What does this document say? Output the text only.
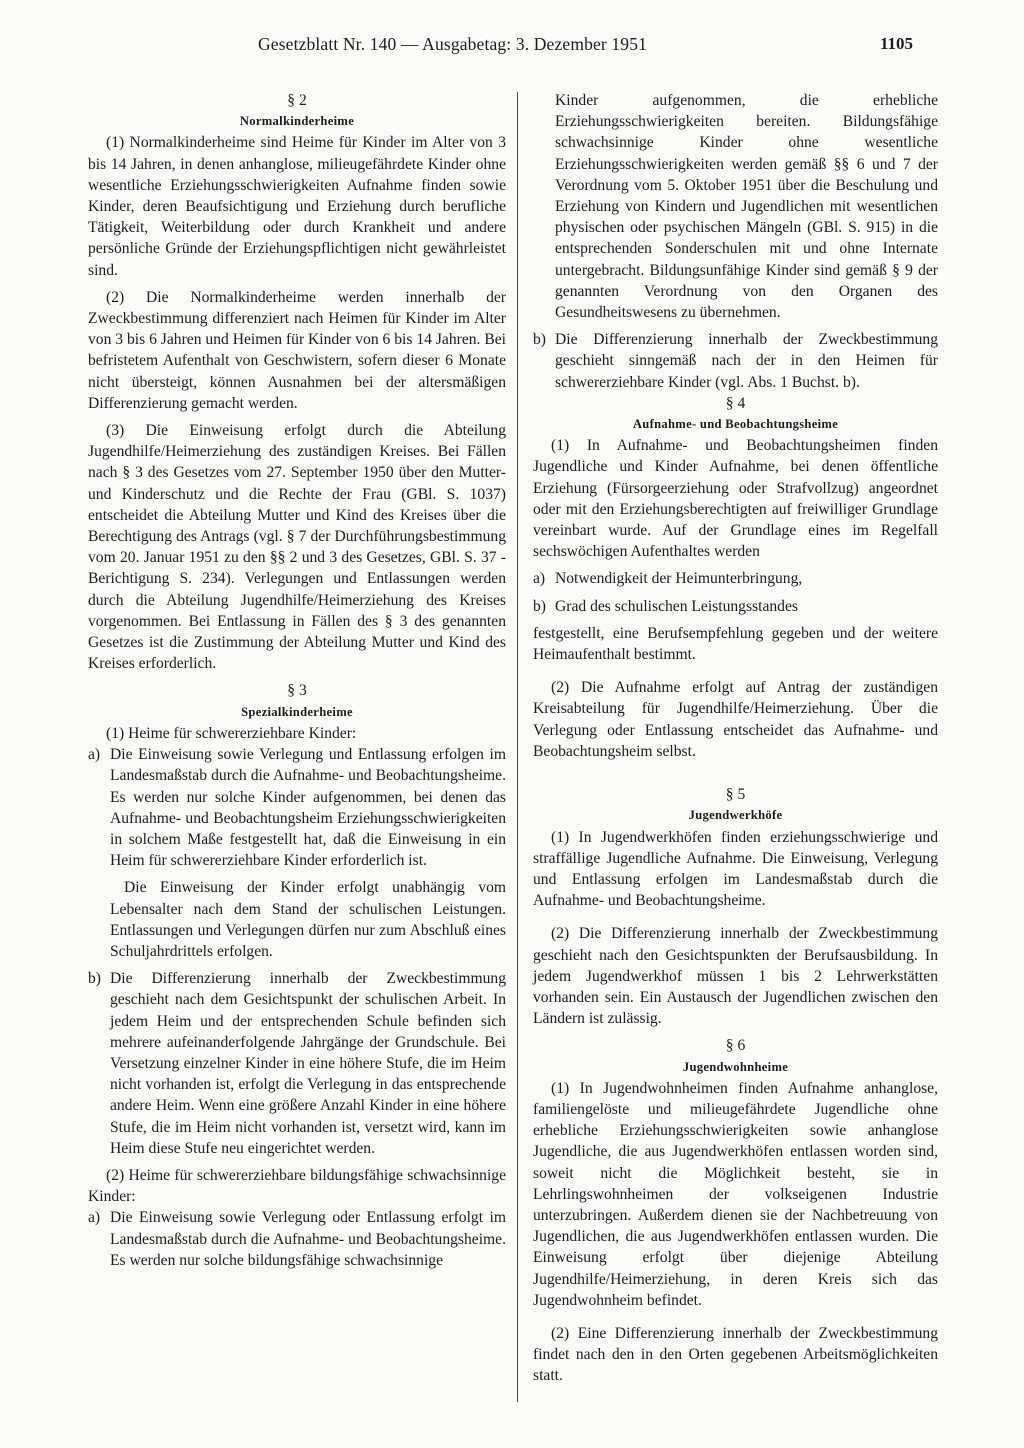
Gesetzblatt Nr. 140 — Ausgabetag: 3. Dezember 1951	1105
§ 2
Normalkinderheime
(1) Normalkinderheime sind Heime für Kinder im Alter von 3 bis 14 Jahren, in denen anhanglose, milieugefährdete Kinder ohne wesentliche Erziehungsschwierigkeiten Aufnahme finden sowie Kinder, deren Beaufsichtigung und Erziehung durch berufliche Tätigkeit, Weiterbildung oder durch Krankheit und andere persönliche Gründe der Erziehungspflichtigen nicht gewährleistet sind.
(2) Die Normalkinderheime werden innerhalb der Zweckbestimmung differenziert nach Heimen für Kinder im Alter von 3 bis 6 Jahren und Heimen für Kinder von 6 bis 14 Jahren. Bei befristetem Aufenthalt von Geschwistern, sofern dieser 6 Monate nicht übersteigt, können Ausnahmen bei der altersmäßigen Differenzierung gemacht werden.
(3) Die Einweisung erfolgt durch die Abteilung Jugendhilfe/Heimerziehung des zuständigen Kreises. Bei Fällen nach § 3 des Gesetzes vom 27. September 1950 über den Mutter- und Kinderschutz und die Rechte der Frau (GBl. S. 1037) entscheidet die Abteilung Mutter und Kind des Kreises über die Berechtigung des Antrags (vgl. § 7 der Durchführungsbestimmung vom 20. Januar 1951 zu den §§ 2 und 3 des Gesetzes, GBl. S. 37 - Berichtigung S. 234). Verlegungen und Entlassungen werden durch die Abteilung Jugendhilfe/Heimerziehung des Kreises vorgenommen. Bei Entlassung in Fällen des § 3 des genannten Gesetzes ist die Zustimmung der Abteilung Mutter und Kind des Kreises erforderlich.
§ 3
Spezialkinderheime
(1) Heime für schwererziehbare Kinder:
a) Die Einweisung sowie Verlegung und Entlassung erfolgen im Landesmaßstab durch die Aufnahme- und Beobachtungsheime. Es werden nur solche Kinder aufgenommen, bei denen das Aufnahme- und Beobachtungsheim Erziehungsschwierigkeiten in solchem Maße festgestellt hat, daß die Einweisung in ein Heim für schwererziehbare Kinder erforderlich ist.
Die Einweisung der Kinder erfolgt unabhängig vom Lebensalter nach dem Stand der schulischen Leistungen. Entlassungen und Verlegungen dürfen nur zum Abschluß eines Schuljahrdrittels erfolgen.
b) Die Differenzierung innerhalb der Zweckbestimmung geschieht nach dem Gesichtspunkt der schulischen Arbeit. In jedem Heim und der entsprechenden Schule befinden sich mehrere aufeinanderfolgende Jahrgänge der Grundschule. Bei Versetzung einzelner Kinder in eine höhere Stufe, die im Heim nicht vorhanden ist, erfolgt die Verlegung in das entsprechende andere Heim. Wenn eine größere Anzahl Kinder in eine höhere Stufe, die im Heim nicht vorhanden ist, versetzt wird, kann im Heim diese Stufe neu eingerichtet werden.
(2) Heime für schwererziehbare bildungsfähige schwachsinnige Kinder:
a) Die Einweisung sowie Verlegung oder Entlassung erfolgt im Landesmaßstab durch die Aufnahme- und Beobachtungsheime. Es werden nur solche bildungsfähige schwachsinnige
Kinder aufgenommen, die erhebliche Erziehungsschwierigkeiten bereiten. Bildungsfähige schwachsinnige Kinder ohne wesentliche Erziehungsschwierigkeiten werden gemäß §§ 6 und 7 der Verordnung vom 5. Oktober 1951 über die Beschulung und Erziehung von Kindern und Jugendlichen mit wesentlichen physischen oder psychischen Mängeln (GBl. S. 915) in die entsprechenden Sonderschulen mit und ohne Internate untergebracht. Bildungsunfähige Kinder sind gemäß § 9 der genannten Verordnung von den Organen des Gesundheitswesens zu übernehmen.
b) Die Differenzierung innerhalb der Zweckbestimmung geschieht sinngemäß nach der in den Heimen für schwererziehbare Kinder (vgl. Abs. 1 Buchst. b).
§ 4
Aufnahme- und Beobachtungsheime
(1) In Aufnahme- und Beobachtungsheimen finden Jugendliche und Kinder Aufnahme, bei denen öffentliche Erziehung (Fürsorgeerziehung oder Strafvollzug) angeordnet oder mit den Erziehungsberechtigten auf freiwilliger Grundlage vereinbart wurde. Auf der Grundlage eines im Regelfall sechswöchigen Aufenthaltes werden
a) Notwendigkeit der Heimunterbringung,
b) Grad des schulischen Leistungsstandes
festgestellt, eine Berufsempfehlung gegeben und der weitere Heimaufenthalt bestimmt.
(2) Die Aufnahme erfolgt auf Antrag der zuständigen Kreisabteilung für Jugendhilfe/Heimerziehung. Über die Verlegung oder Entlassung entscheidet das Aufnahme- und Beobachtungsheim selbst.
§ 5
Jugendwerkhöfe
(1) In Jugendwerkhöfen finden erziehungsschwierige und straffällige Jugendliche Aufnahme. Die Einweisung, Verlegung und Entlassung erfolgen im Landesmaßstab durch die Aufnahme- und Beobachtungsheime.
(2) Die Differenzierung innerhalb der Zweckbestimmung geschieht nach den Gesichtspunkten der Berufsausbildung. In jedem Jugendwerkhof müssen 1 bis 2 Lehrwerkstätten vorhanden sein. Ein Austausch der Jugendlichen zwischen den Ländern ist zulässig.
§ 6
Jugendwohnheime
(1) In Jugendwohnheimen finden Aufnahme anhanglose, familiengelöste und milieugefährdete Jugendliche ohne erhebliche Erziehungsschwierigkeiten sowie anhanglose Jugendliche, die aus Jugendwerkhöfen entlassen worden sind, soweit nicht die Möglichkeit besteht, sie in Lehrlingswohnheimen der volkseigenen Industrie unterzubringen. Außerdem dienen sie der Nachbetreuung von Jugendlichen, die aus Jugendwerkhöfen entlassen wurden. Die Einweisung erfolgt über diejenige Abteilung Jugendhilfe/Heimerziehung, in deren Kreis sich das Jugendwohnheim befindet.
(2) Eine Differenzierung innerhalb der Zweckbestimmung findet nach den in den Orten gegebenen Arbeitsmöglichkeiten statt.
